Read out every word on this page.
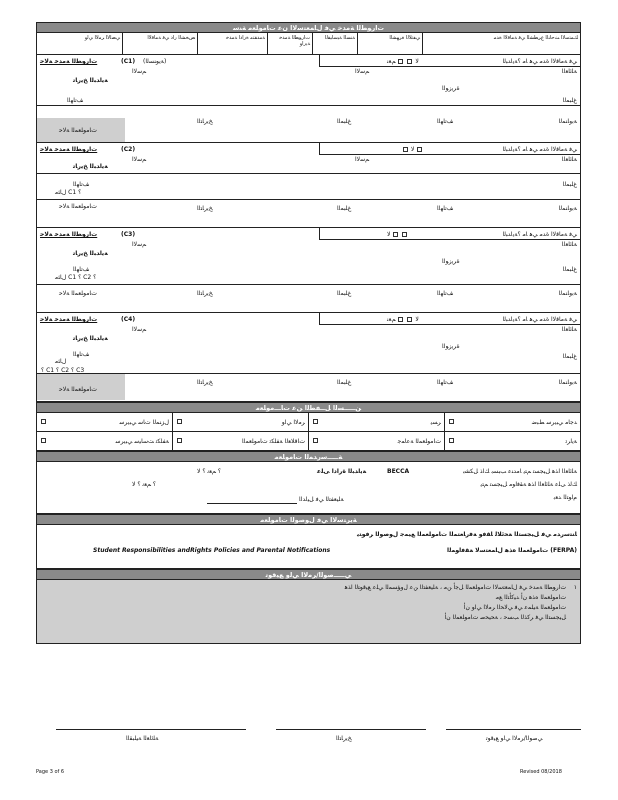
ﺕﺍﺭﻮﻄﻟﺍ ﺔﻣﺪﺧ ﻲﻓ ﻝﺎﻤﻌﺘﺳﻻﺍ ﻥﻋ ﺕﺎﻣﻮﻠﻌﻣ ﺔﻨﺳ
ﻲﺼﻟﻻﺍ ﺮﻣﻻﺍ ﻲﻟﻭ	ﺺﺨﺸﻟﺍ ﺭﺍﺩ ﻲﻓ ﺔﻣﺎﻗﻻﺍ	ﺔﻣﺪﻘﺘﻣ ﺓﺭﺍﺩﺍ ﺔﻣﺪﺧ	ﺕﺍﺭﻮﻄﻟﺍ ﺔﻣﺪﺧ ﺔﻳﺭﺍﻭ
ﺔﻨﺴﻟﺍ ﺔﻴﺳﺎﻴﻘﻟﺍ	ﻲﻔﺗﻼﻟﺍ ﺓﺮﻬﺸﻟﺍ	ﻚﻤﺘﺳﻻﺍ ﺚﺣﺎﻨﻟﺍ ﻉﺮﻄﺸﻟﺍ ﻲﻓ ﺔﻣﺎﻗﻻﺍ ﺓﺪﻣ
ﺕﺍﺭﻮﻄﻟﺍ ﺔﻣﺪﺧ ﺔﻟﺎﺣ	(C1) (ﺔﻳﻮﻨﺴﻟﺍ)	ﻻ   ﻢﻌﻧ	ﻲﻓ ﺔﻣﺎﻗﻻﺍ ﺓﺪﻣ ﻲﻫ ﺎﻣ ؟ﺔﻳﺍﺪﺒﻟﺍ
ﻢﺳﻻﺍ	ﻢﺳﻻﺍ	ﺔﻠﺋﺎﻌﻟﺍ
ﺔﻳﺍﺪﺒﻟﺍ ﺦﻳﺭﺎﺗ
ﺓﺮﻳﺯﻮﻟﺍ
ﻒﺗﺎﻬﻟﺍ	ﻍﻠﺒﻤﻟﺍ
ﺕﺎﻣﻮﻠﻌﻤﻟﺍ ﺔﻟﺎﺣ
ﺦﻳﺭﺎﺘﻟﺍ	ﻍﻠﺒﻤﻟﺍ	ﻒﺗﺎﻬﻟﺍ	ﺔﺑﻭﺎﻨﻤﻟﺍ
ﺕﺍﺭﻮﻄﻟﺍ ﺔﻣﺪﺧ ﺔﻟﺎﺣ	(C2)	ﻻ	ﻲﻓ ﺔﻣﺎﻗﻻﺍ ﺓﺪﻣ ﻲﻫ ﺎﻣ ؟ﺔﻳﺍﺪﺒﻟﺍ
ﻢﺳﻻﺍ	ﻢﺳﻻﺍ	ﺔﻠﺋﺎﻌﻟﺍ
ﺔﻳﺍﺪﺒﻟﺍ ﺦﻳﺭﺎﺗ
ﻒﺗﺎﻬﻟﺍ
ﻝﺎﺜﻣ C1 ؟
ﻍﻠﺒﻤﻟﺍ
ﺕﺎﻣﻮﻠﻌﻤﻟﺍ ﺔﻟﺎﺣ	ﺦﻳﺭﺎﺘﻟﺍ	ﻍﻠﺒﻤﻟﺍ	ﻒﺗﺎﻬﻟﺍ	ﺔﺑﻭﺎﻨﻤﻟﺍ
ﺕﺍﺭﻮﻄﻟﺍ ﺔﻣﺪﺧ ﺔﻟﺎﺣ	(C3)	ﻻ	ﻲﻓ ﺔﻣﺎﻗﻻﺍ ﺓﺪﻣ ﻲﻫ ﺎﻣ ؟ﺔﻳﺍﺪﺒﻟﺍ
ﻢﺳﻻﺍ	ﺔﻠﺋﺎﻌﻟﺍ
ﺔﻳﺍﺪﺒﻟﺍ ﺦﻳﺭﺎﺗ
ﺓﺮﻳﺯﻮﻟﺍ
ﻒﺗﺎﻬﻟﺍ
ﻝﺎﺜﻣ C1 ؟ C2 ؟
ﻍﻠﺒﻤﻟﺍ
ﺕﺎﻣﻮﻠﻌﻤﻟﺍ ﺔﻟﺎﺣ	ﺦﻳﺭﺎﺘﻟﺍ	ﻍﻠﺒﻤﻟﺍ	ﻒﺗﺎﻬﻟﺍ	ﺔﺑﻭﺎﻨﻤﻟﺍ
ﺕﺍﺭﻮﻄﻟﺍ ﺔﻣﺪﺧ ﺔﻟﺎﺣ	(C4)	ﻻ   ﻢﻌﻧ	ﻲﻓ ﺔﻣﺎﻗﻻﺍ ﺓﺪﻣ ﻲﻫ ﺎﻣ ؟ﺔﻳﺍﺪﺒﻟﺍ
ﻢﺳﻻﺍ	ﺔﻠﺋﺎﻌﻟﺍ
ﺔﻳﺍﺪﺒﻟﺍ ﺦﻳﺭﺎﺗ
ﺓﺮﻳﺯﻮﻟﺍ
ﻒﺗﺎﻬﻟﺍ
ﻝﺎﺜﻣ
؟ C1 ؟ C2 ؟ C3
ﻍﻠﺒﻤﻟﺍ
ﺕﺎﻣﻮﻠﻌﻤﻟﺍ ﺔﻟﺎﺣ
ﺦﻳﺭﺎﺘﻟﺍ	ﻍﻠﺒﻤﻟﺍ	ﻒﺗﺎﻬﻟﺍ	ﺔﺑﻭﺎﻨﻤﻟﺍ
ﻦـــــﺴﻟﺍ ﻞــﻔﻄﻟﺍ ﻦﻋ ﺕﺎـــﻣﻮﻠﻌﻣ
ﻝﺰﻨﻤﻟﺍ ﺕﺎﺳ ﻲﺒﻳﺮﺳ	ﺮﻣﻻﺍ ﻲﻟﻭ	ﺮﺴﻳ	ﺪﺟﺎﻣ ﻲﺒﻳﺮﺳ ﻂﺒﺿ
ﺔﻔﻠﻜﺗ ﺖﺳﺎﻴﺳ ﻲﺒﻳﺮﺳ	ﺕﺎﻗﻼﻌﻟﺍ ﺔﻔﻠﻜﺗ ﺕﺎﻣﻮﻠﻌﻤﻟﺍ	ﺕﺎﻣﻮﻠﻌﻤﻟﺍ ﺔﻋﺎﻤﺟ	ﺔﻳﺍﺮﺗ
ﺔـــــﺳﺭﺪﻤﻟﺍ ﺕﺎﻣﻮﻠﻌﻣ
؟ ﻢﻌﻧ ؟ ﻻ	BECCA
ﺔﻳﺍﺪﺒﻟﺍ ﺓﺭﺍﺩﺍ ﻰﻠﻋ	ﺔﻠﺋﺎﻌﻟﺍ ﺍﺬﻫ ﻞﻴﺠﺴﺗ ﻢﺘﻳ ﺎﻣﺪﻨﻋ ﺐﺒﺴﺑ ﻚﻟﺫ ﻞﻜﺸﺑ
؟ ﻢﻌﻧ ؟ ﻻ	ﻚﻟﺫ ﻰﻠﻋ ﺔﻠﺋﺎﻌﻟﺍ ﺍﺬﻫ ﺔﻘﻓﺍﻮﻣ ﻞﻴﺠﺴﺗ ﻢﺘﻳ
ﻡﺍﻮﺘﻟﺍ ﺪﻌﺑ
ﺔﻠﻴﻌﻔﺘﻟﺍ ﻲﻓ ﻞﻴﻟﺪﻟﺍ
ﺔﻳﺮﺘﺳﻻﺍ ﻲﻓ ﻝﻮﺻﻮﻟﺍ ﺕﺎﻣﻮﻠﻌﻣ
ﺎﻨﺘﺳﺭﺪﻣ ﻲﻓ ﻞﻴﺠﺴﺘﻟﺍ ﺔﺤﺋﻼﻟ ﺎﻘﻓﻭ ﺔﻓﺭﺎﻌﺘﻤﻟﺍ ﺕﺎﻣﻮﻠﻌﻤﻟﺍ ﻊﻴﻤﺟ ﻝﻮﺻﻮﻟﺍ ﺮﻓﻮﺘﻳ
Student Responsibilities andRights Policies and Parental Notifications	ﺕﺎﻣﻮﻠﻌﻤﻟﺍ ﻩﺬﻫ ﻝﺎﻤﻌﺘﺳﻻ ﺔﻘﻓﺍﻮﻤﻟﺍ (FERPA)
ﻲـــــﺻﻮﻟﺍ/ﺮﻣﻻﺍ ﻲﻟﻭ ﻊﻴﻗﻮﺗ
١
ﺕﺍﺭﻮﻄﻟﺍ ﺔﻣﺪﺧ ﻲﻓ ﻝﺎﻤﻌﺘﺳﻻﺍ ﺕﺎﻣﻮﻠﻌﻤﻟﺍ ﻞﺟﺃ ﻦﻣ ، ﺔﻠﻴﻌﻔﺘﻟﺍ ﻦﻋ ﻝﻭﺆﺴﻤﻟﺍ ﻲﻠﻋ ﻊﻴﻗﻮﺘﻟﺍ ﺍﺬﻫ
ﺕﺎﻣﻮﻠﻌﻤﻟﺍ ﻩﺬﻫ ﻥﺃ ﺪﻴﻛﺄﺘﻟﺍ ﻊﻣ
ﺕﺎﻣﻮﻠﻌﻤﻟﺍ ﺔﻴﻠﻤﻋ ﻲﻓ ﻲﻟﺎﺤﻟﺍ ﺮﻣﻻﺍ ﻲﻟﻭ ﻥﺃ
ﻞﻴﺠﺴﺘﻟﺍ ﻲﻓ ﺮﻛﺬﻟﺍ ﺐﺴﺣ ، ﺔﺤﻴﺤﺻ ﺕﺎﻣﻮﻠﻌﻤﻟﺍ ﻥﺃ
ﺔﻠﺋﺎﻌﻟﺍ ﺔﻴﻠﺒﻘﻟﺍ	ﺦﻳﺭﺎﺘﻟﺍ	ﻲﺻﻮﻟﺍ/ﺮﻣﻻﺍ ﻲﻟﻭ ﻊﻴﻗﻮﺗ
Page 3 of 6	Revised 08/2018
